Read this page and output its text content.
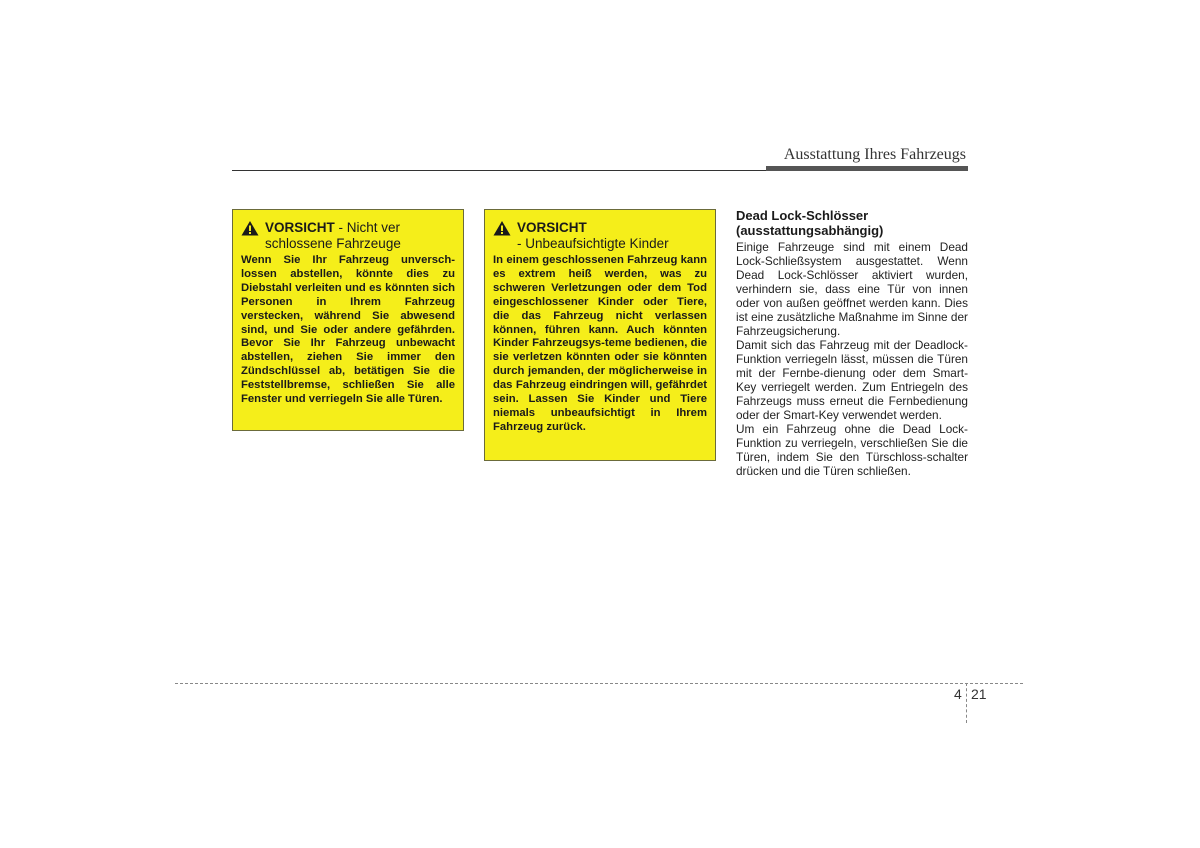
Ausstattung Ihres Fahrzeugs
VORSICHT - Nicht ver
schlossene Fahrzeuge

Wenn Sie Ihr Fahrzeug unversch-lossen abstellen, könnte dies zu Diebstahl verleiten und es könnten sich Personen in Ihrem Fahrzeug verstecken, während Sie abwesend sind, und Sie oder andere gefährden. Bevor Sie Ihr Fahrzeug unbewacht abstellen, ziehen Sie immer den Zündschlüssel ab, betätigen Sie die Feststellbremse, schließen Sie alle Fenster und verriegeln Sie alle Türen.

VORSICHT
- Unbeaufsichtigte Kinder

In einem geschlossenen Fahrzeug kann es extrem heiß werden, was zu schweren Verletzungen oder dem Tod eingeschlossener Kinder oder Tiere, die das Fahrzeug nicht verlassen können, führen kann. Auch könnten Kinder Fahrzeugsys-teme bedienen, die sie verletzen könnten oder sie könnten durch jemanden, der möglicherweise in das Fahrzeug eindringen will, gefährdet sein. Lassen Sie Kinder und Tiere niemals unbeaufsichtigt in Ihrem Fahrzeug zurück.

Dead Lock-Schlösser
(ausstattungsabhängig)

Einige Fahrzeuge sind mit einem Dead Lock-Schließsystem ausgestattet. Wenn Dead Lock-Schlösser aktiviert wurden, verhindern sie, dass eine Tür von innen oder von außen geöffnet werden kann. Dies ist eine zusätzliche Maßnahme im Sinne der Fahrzeugsicherung.

Damit sich das Fahrzeug mit der Deadlock-Funktion verriegeln lässt, müssen die Türen mit der Fernbe-dienung oder dem Smart-Key verriegelt werden. Zum Entriegeln des Fahrzeugs muss erneut die Fernbedienung oder der Smart-Key verwendet werden.

Um ein Fahrzeug ohne die Dead Lock-Funktion zu verriegeln, verschließen Sie die Türen, indem Sie den Türschloss-schalter drücken und die Türen schließen.

4 21
